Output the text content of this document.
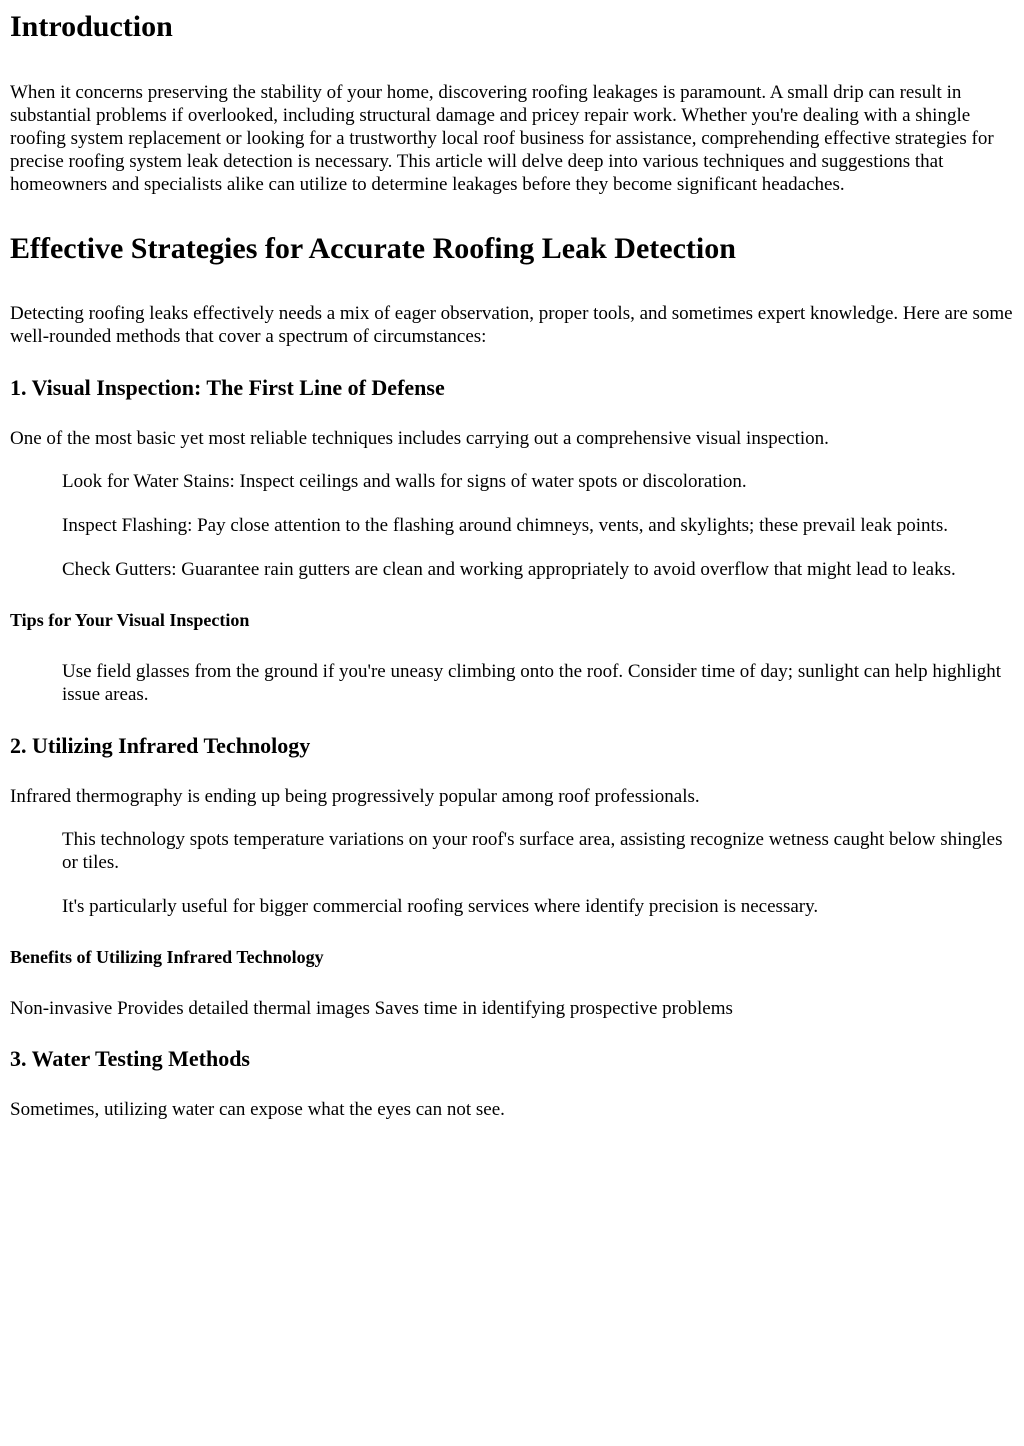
Introduction

When it concerns preserving the stability of your home, discovering roofing leakages is paramount. A small drip can result in substantial problems if overlooked, including structural damage and pricey repair work. Whether you're dealing with a shingle roofing system replacement or looking for a trustworthy local roof business for assistance, comprehending effective strategies for precise roofing system leak detection is necessary. This article will delve deep into various techniques and suggestions that homeowners and specialists alike can utilize to determine leakages before they become significant headaches.

Effective Strategies for Accurate Roofing Leak Detection

Detecting roofing leaks effectively needs a mix of eager observation, proper tools, and sometimes expert knowledge. Here are some well-rounded methods that cover a spectrum of circumstances:

1. Visual Inspection: The First Line of Defense

One of the most basic yet most reliable techniques includes carrying out a comprehensive visual inspection.

Look for Water Stains: Inspect ceilings and walls for signs of water spots or discoloration.

Inspect Flashing: Pay close attention to the flashing around chimneys, vents, and skylights; these prevail leak points.

Check Gutters: Guarantee rain gutters are clean and working appropriately to avoid overflow that might lead to leaks.

Tips for Your Visual Inspection

Use field glasses from the ground if you're uneasy climbing onto the roof. Consider time of day; sunlight can help highlight issue areas.

2. Utilizing Infrared Technology

Infrared thermography is ending up being progressively popular among roof professionals.

This technology spots temperature variations on your roof's surface area, assisting recognize wetness caught below shingles or tiles.

It's particularly useful for bigger commercial roofing services where identify precision is necessary.

Benefits of Utilizing Infrared Technology

Non-invasive Provides detailed thermal images Saves time in identifying prospective problems

3. Water Testing Methods

Sometimes, utilizing water can expose what the eyes can not see.
